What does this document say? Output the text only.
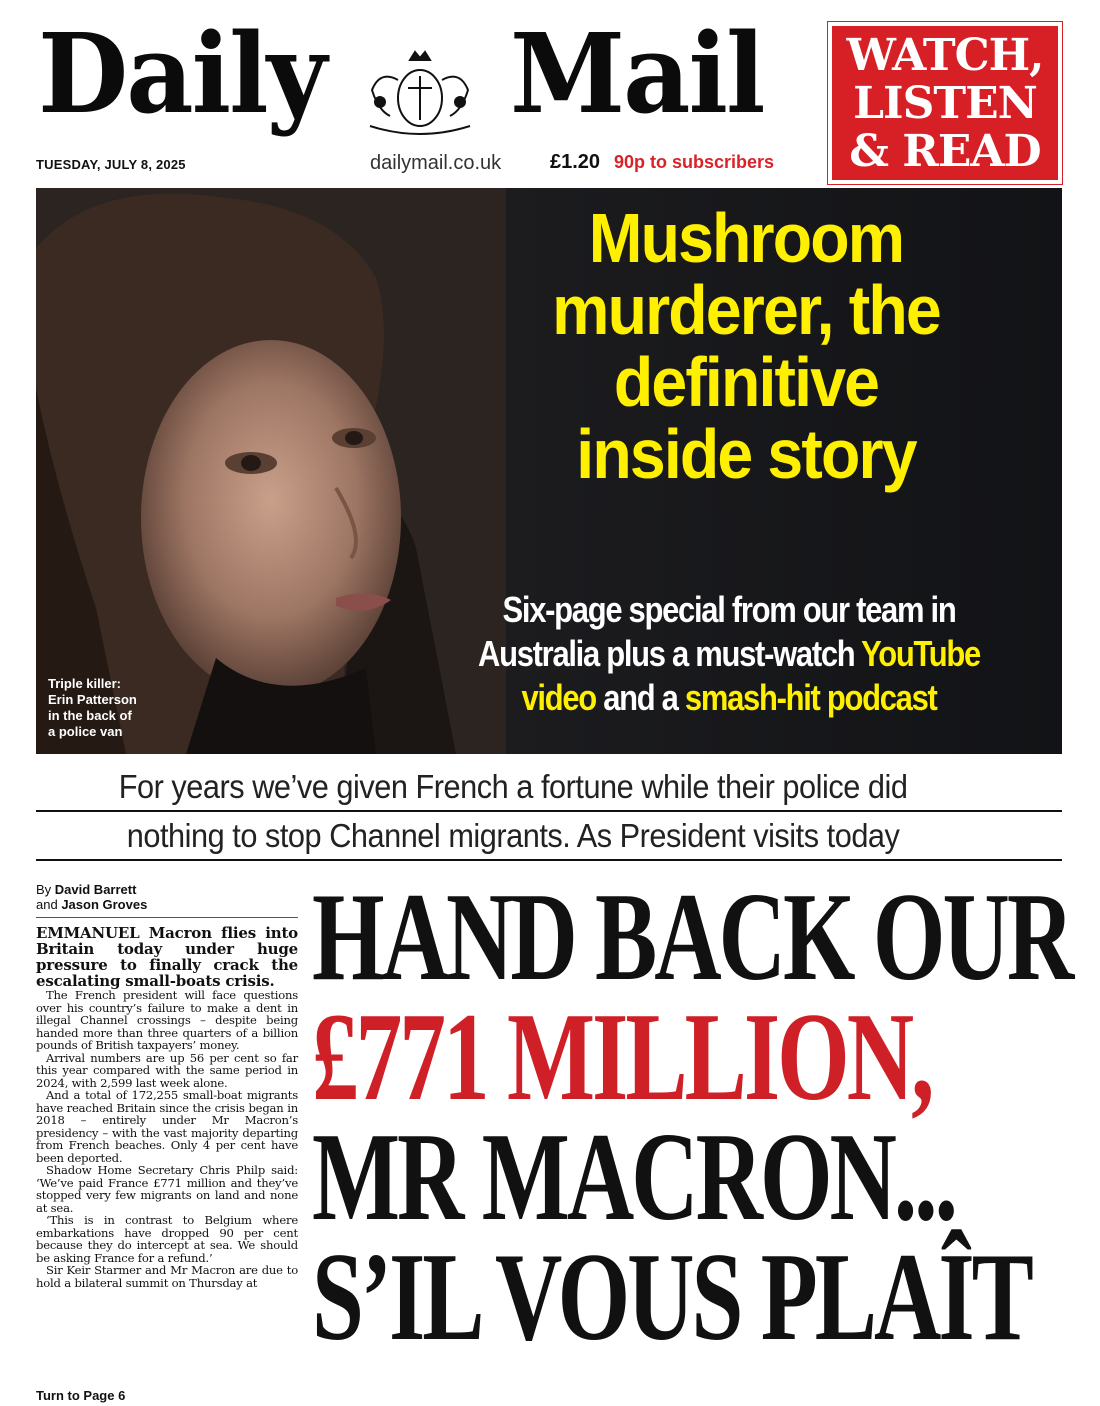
Daily Mail
TUESDAY, JULY 8, 2025	dailymail.co.uk £1.20 90p to subscribers
WATCH,
LISTEN
& READ
Triple killer:
Erin Patterson
in the back of
a police van
Mushroom
murderer, the
definitive
inside story
Six-page special from our team in
Australia plus a must-watch YouTube
video and a smash-hit podcast
For years we’ve given French a fortune while their police did
nothing to stop Channel migrants. As President visits today
By David Barrett
and Jason Groves
EMMANUEL Macron flies into Britain today under huge pressure to finally crack the escalating small-boats crisis.

The French president will face questions over his country’s failure to make a dent in illegal Channel crossings – despite being handed more than three quarters of a billion pounds of British taxpayers’ money.

Arrival numbers are up 56 per cent so far this year compared with the same period in 2024, with 2,599 last week alone.

And a total of 172,255 small-boat migrants have reached Britain since the crisis began in 2018 – entirely under Mr Macron’s presidency – with the vast majority departing from French beaches. Only 4 per cent have been deported.

Shadow Home Secretary Chris Philp said: ‘We’ve paid France £771 million and they’ve stopped very few migrants on land and none at sea.

‘This is in contrast to Belgium where embarkations have dropped 90 per cent because they do intercept at sea. We should be asking France for a refund.’

Sir Keir Starmer and Mr Macron are due to hold a bilateral summit on Thursday at

Turn to Page 6
HAND BACK OUR
£771 MILLION,
MR MACRON...
S’IL VOUS PLAÎT
